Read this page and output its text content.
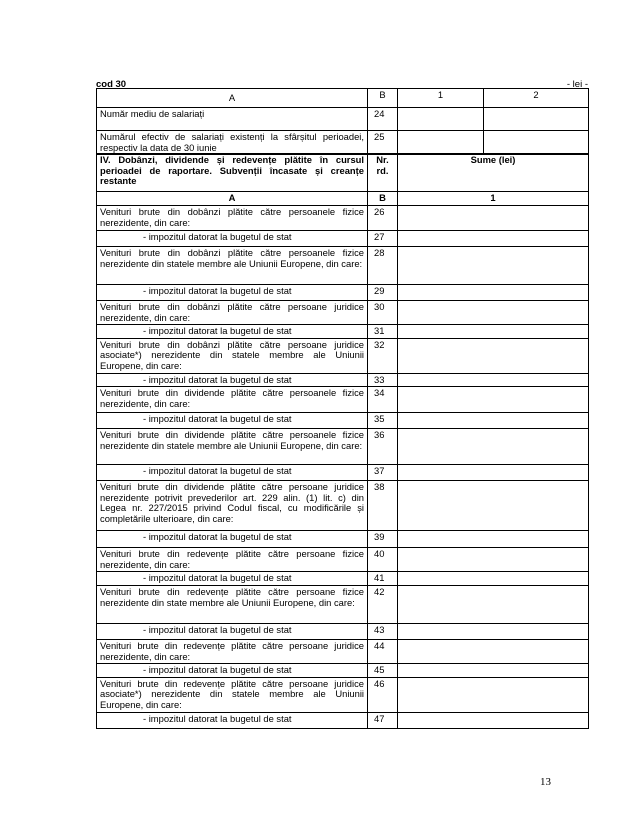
cod 30	- lei -
A	B	1	2
Număr mediu de salariați	24		
Numărul efectiv de salariați existenți la sfârșitul perioadei, respectiv la data de 30 iunie	25		
IV. Dobânzi, dividende și redevențe plătite în cursul perioadei de raportare. Subvenții încasate și creanțe restante	Nr. rd.	Sume (lei)
A	B	1
Venituri brute din dobânzi plătite către persoanele fizice nerezidente, din care:	26	
- impozitul datorat la bugetul de stat	27	
Venituri brute din dobânzi plătite către persoanele fizice nerezidente din statele membre ale Uniunii Europene, din care:	28	
- impozitul datorat la bugetul de stat	29	
Venituri brute din dobânzi plătite către persoane juridice nerezidente, din care:	30	
- impozitul datorat la bugetul de stat	31	
Venituri brute din dobânzi plătite către persoane juridice asociate*) nerezidente din statele membre ale Uniunii Europene, din care:	32	
- impozitul datorat la bugetul de stat	33	
Venituri brute din dividende plătite către persoanele fizice nerezidente, din care:	34	
- impozitul datorat la bugetul de stat	35	
Venituri brute din dividende plătite către persoanele fizice nerezidente din statele membre ale Uniunii Europene, din care:	36	
- impozitul datorat la bugetul de stat	37	
Venituri brute din dividende plătite către persoane juridice nerezidente potrivit prevederilor art. 229 alin. (1) lit. c) din Legea nr. 227/2015 privind Codul fiscal, cu modificările și completările ulterioare, din care:	38	
- impozitul datorat la bugetul de stat	39	
Venituri brute din redevențe plătite către persoane fizice nerezidente, din care:	40	
- impozitul datorat la bugetul de stat	41	
Venituri brute din redevențe plătite către persoane fizice nerezidente din state membre ale Uniunii Europene, din care:	42	
- impozitul datorat la bugetul de stat	43	
Venituri brute din redevențe plătite către persoane juridice nerezidente, din care:	44	
- impozitul datorat la bugetul de stat	45	
Venituri brute din redevențe plătite către persoane juridice asociate*) nerezidente din statele membre ale Uniunii Europene, din care:	46	
- impozitul datorat la bugetul de stat	47	
13
